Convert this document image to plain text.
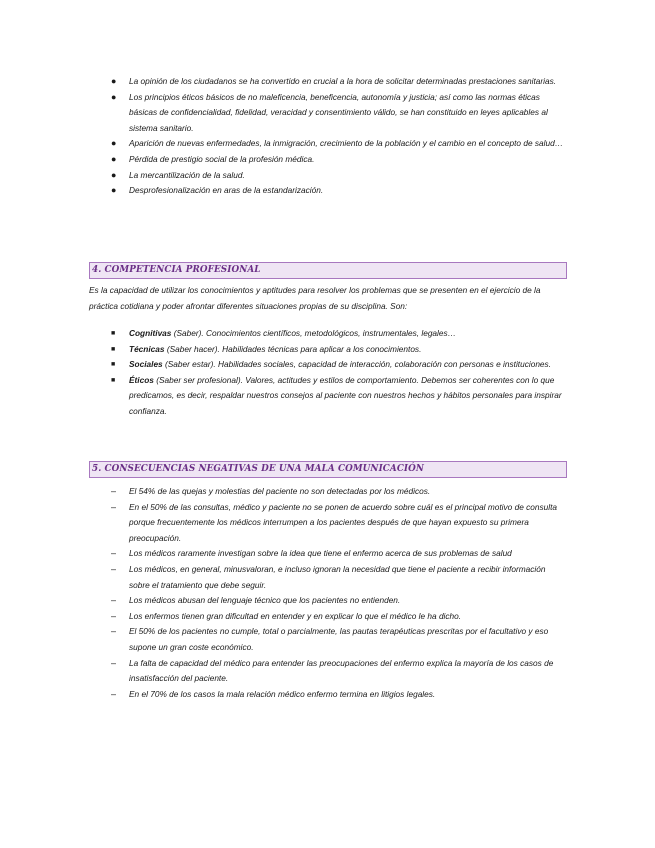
● La opinión de los ciudadanos se ha convertido en crucial a la hora de solicitar determinadas prestaciones sanitarias.
● Los principios éticos básicos de no maleficencia, beneficencia, autonomía y justicia; así como las normas éticas básicas de confidencialidad, fidelidad, veracidad y consentimiento válido, se han constituido en leyes aplicables al sistema sanitario.
● Aparición de nuevas enfermedades, la inmigración, crecimiento de la población y el cambio en el concepto de salud…
● Pérdida de prestigio social de la profesión médica.
● La mercantilización de la salud.
● Desprofesionalización en aras de la estandarización.
4. COMPETENCIA PROFESIONAL

Es la capacidad de utilizar los conocimientos y aptitudes para resolver los problemas que se presenten en el ejercicio de la práctica cotidiana y poder afrontar diferentes situaciones propias de su disciplina. Son:

■ Cognitivas (Saber). Conocimientos científicos, metodológicos, instrumentales, legales…
■ Técnicas (Saber hacer). Habilidades técnicas para aplicar a los conocimientos.
■ Sociales (Saber estar). Habilidades sociales, capacidad de interacción, colaboración con personas e instituciones.
■ Éticos (Saber ser profesional). Valores, actitudes y estilos de comportamiento. Debemos ser coherentes con lo que predicamos, es decir, respaldar nuestros consejos al paciente con nuestros hechos y hábitos personales para inspirar confianza.
5. CONSECUENCIAS NEGATIVAS DE UNA MALA COMUNICACIÓN
– El 54% de las quejas y molestias del paciente no son detectadas por los médicos.
– En el 50% de las consultas, médico y paciente no se ponen de acuerdo sobre cuál es el principal motivo de consulta porque frecuentemente los médicos interrumpen a los pacientes después de que hayan expuesto su primera preocupación.
– Los médicos raramente investigan sobre la idea que tiene el enfermo acerca de sus problemas de salud
– Los médicos, en general, minusvaloran, e incluso ignoran la necesidad que tiene el paciente a recibir información sobre el tratamiento que debe seguir.
– Los médicos abusan del lenguaje técnico que los pacientes no entienden.
– Los enfermos tienen gran dificultad en entender y en explicar lo que el médico le ha dicho.
– El 50% de los pacientes no cumple, total o parcialmente, las pautas terapéuticas prescritas por el facultativo y eso supone un gran coste económico.
– La falta de capacidad del médico para entender las preocupaciones del enfermo explica la mayoría de los casos de insatisfacción del paciente.
– En el 70% de los casos la mala relación médico enfermo termina en litigios legales.
